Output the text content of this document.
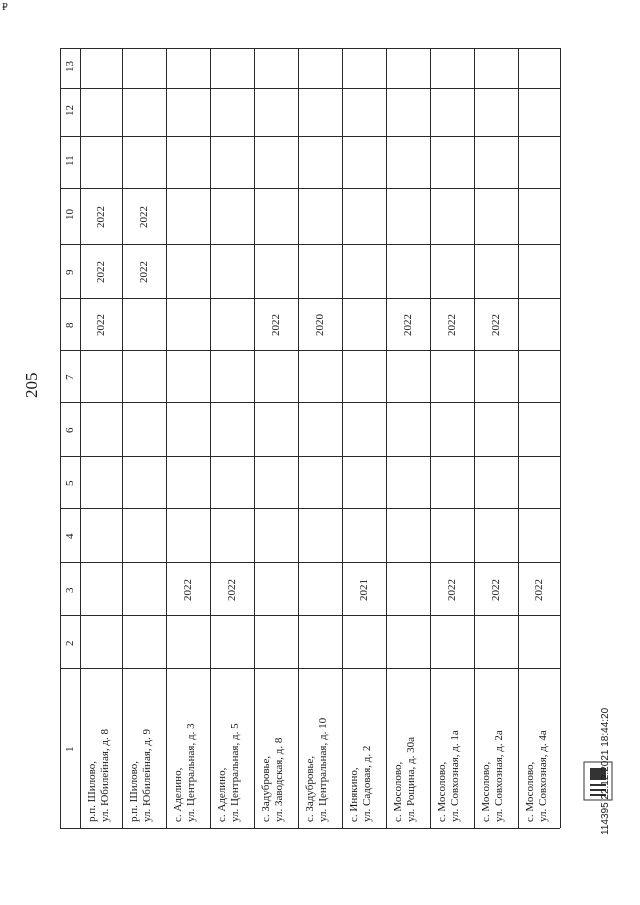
₽
205
1
2
3
4
5
6
7
8
9
10
11
12
13
р.п. Шилово, ул. Юбилейная, д. 8
2022
2022
2022
р.п. Шилово, ул. Юбилейная, д. 9
2022
2022
с. Аделино, ул. Центральная, д. 3
2022
с. Аделино, ул. Центральная, д. 5
2022
с. Задубровье, ул. Заводская, д. 8
2022
с. Задубровье, ул. Центральная, д. 10
2020
с. Инякино, ул. Садовая, д. 2
2021
с. Мосолово, ул. Рощина, д. 30а
2022
с. Мосолово, ул. Совхозная, д. 1а
2022
2022
с. Мосолово, ул. Совхозная, д. 2а
2022
2022
с. Мосолово, ул. Совхозная, д. 4а
2022
114395 22.12.2021 18:44:20
